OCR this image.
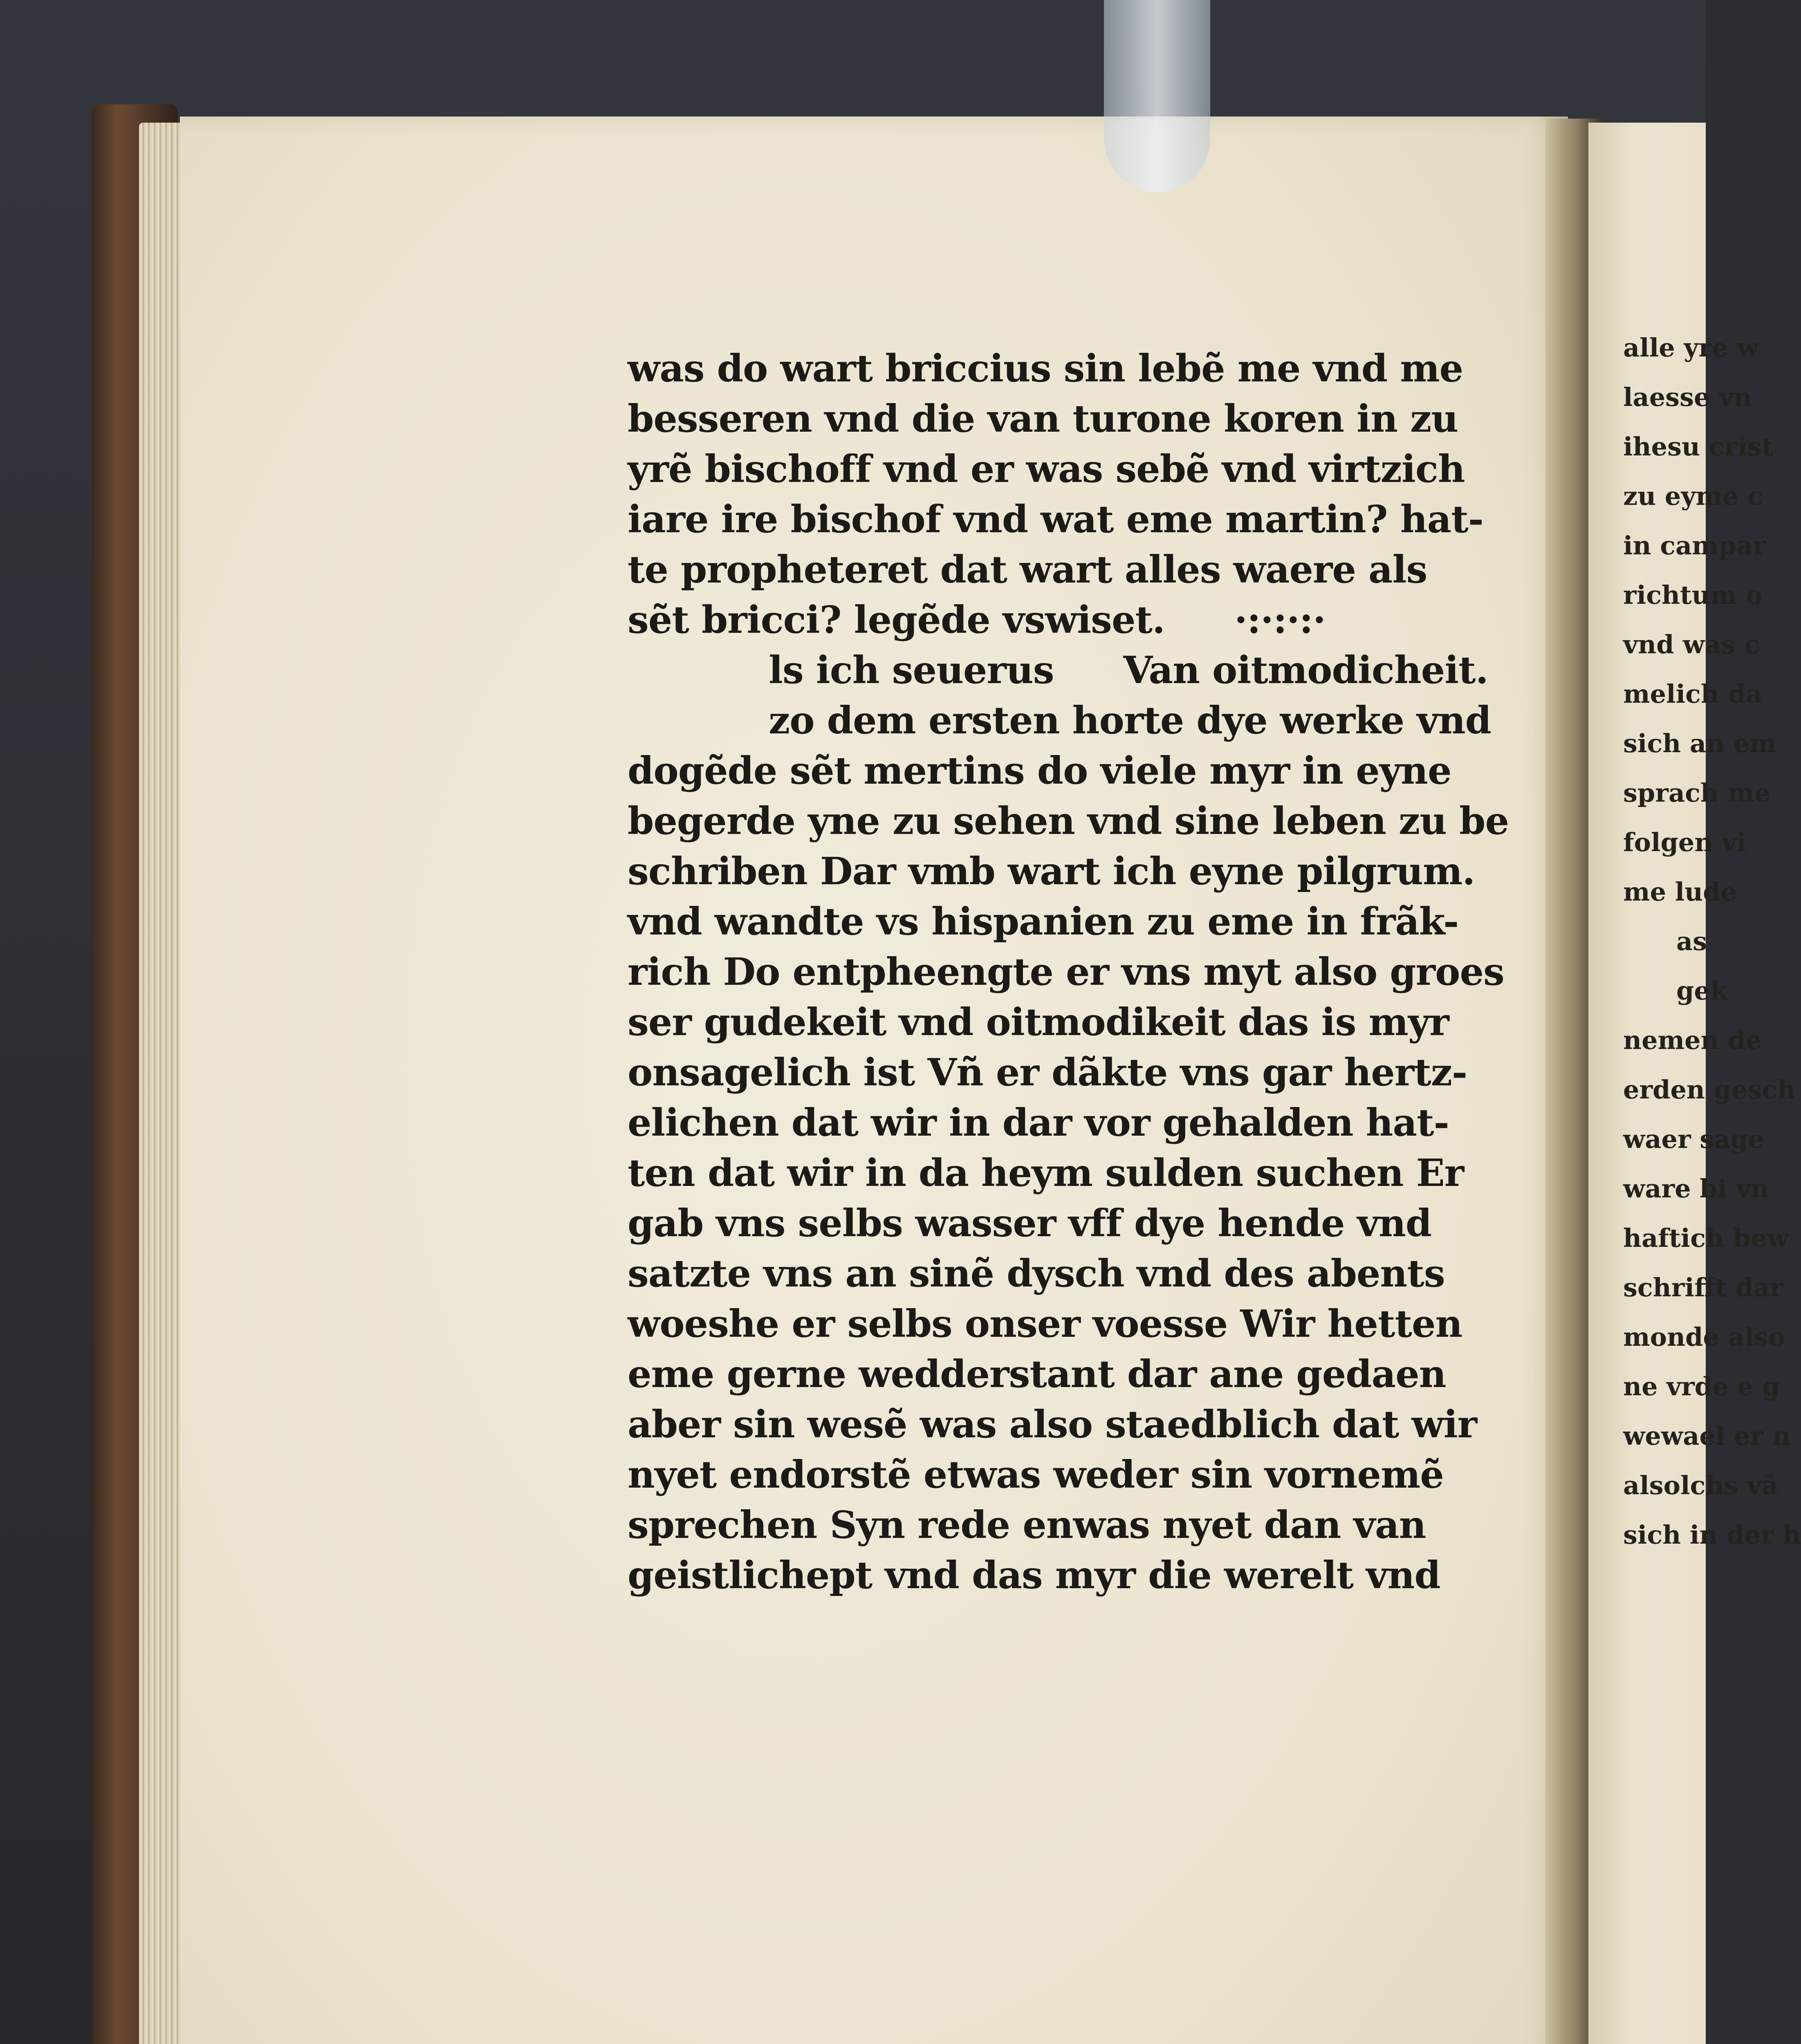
was do wart briccius sin lebẽ me vnd me
besseren vnd die van turone koren in zu
yrẽ bischoff vnd er was sebẽ vnd virtzich
iare ire bischof vnd wat eme martin? hat-
te propheteret dat wart alles waere als
sẽt bricci? legẽde vswiset. ·:·:·:·
ls ich seuerus Van oitmodicheit.
zo dem ersten horte dye werke vnd
dogẽde sẽt mertins do viele myr in eyne
begerde yne zu sehen vnd sine leben zu be
schriben Dar vmb wart ich eyne pilgrum.
vnd wandte vs hispanien zu eme in frãk-
rich Do entpheengte er vns myt also groes
ser gudekeit vnd oitmodikeit das is myr
onsagelich ist Vñ er dãkte vns gar hertz-
elichen dat wir in dar vor gehalden hat-
ten dat wir in da heym sulden suchen Er
gab vns selbs wasser vff dye hende vnd
satzte vns an sinẽ dysch vnd des abents
woeshe er selbs onser voesse Wir hetten
eme gerne wedderstant dar ane gedaen
aber sin wesẽ was also staedblich dat wir
nyet endorstẽ etwas weder sin vornemẽ
sprechen Syn rede enwas nyet dan van
geistlichept vnd das myr die werelt vnd
alle yre w
laesse vn
ihesu crist
zu eyme c
in campar
richtum o
vnd was c
melich da
sich an em
sprach me
folgen vi
me lude
as
gek
nemen de
erden gesch
waer sage
ware bi vn
haftich bew
schrifft dar
monde also
ne vrde e g
wewael er n
alsolchs vã
sich in der h
